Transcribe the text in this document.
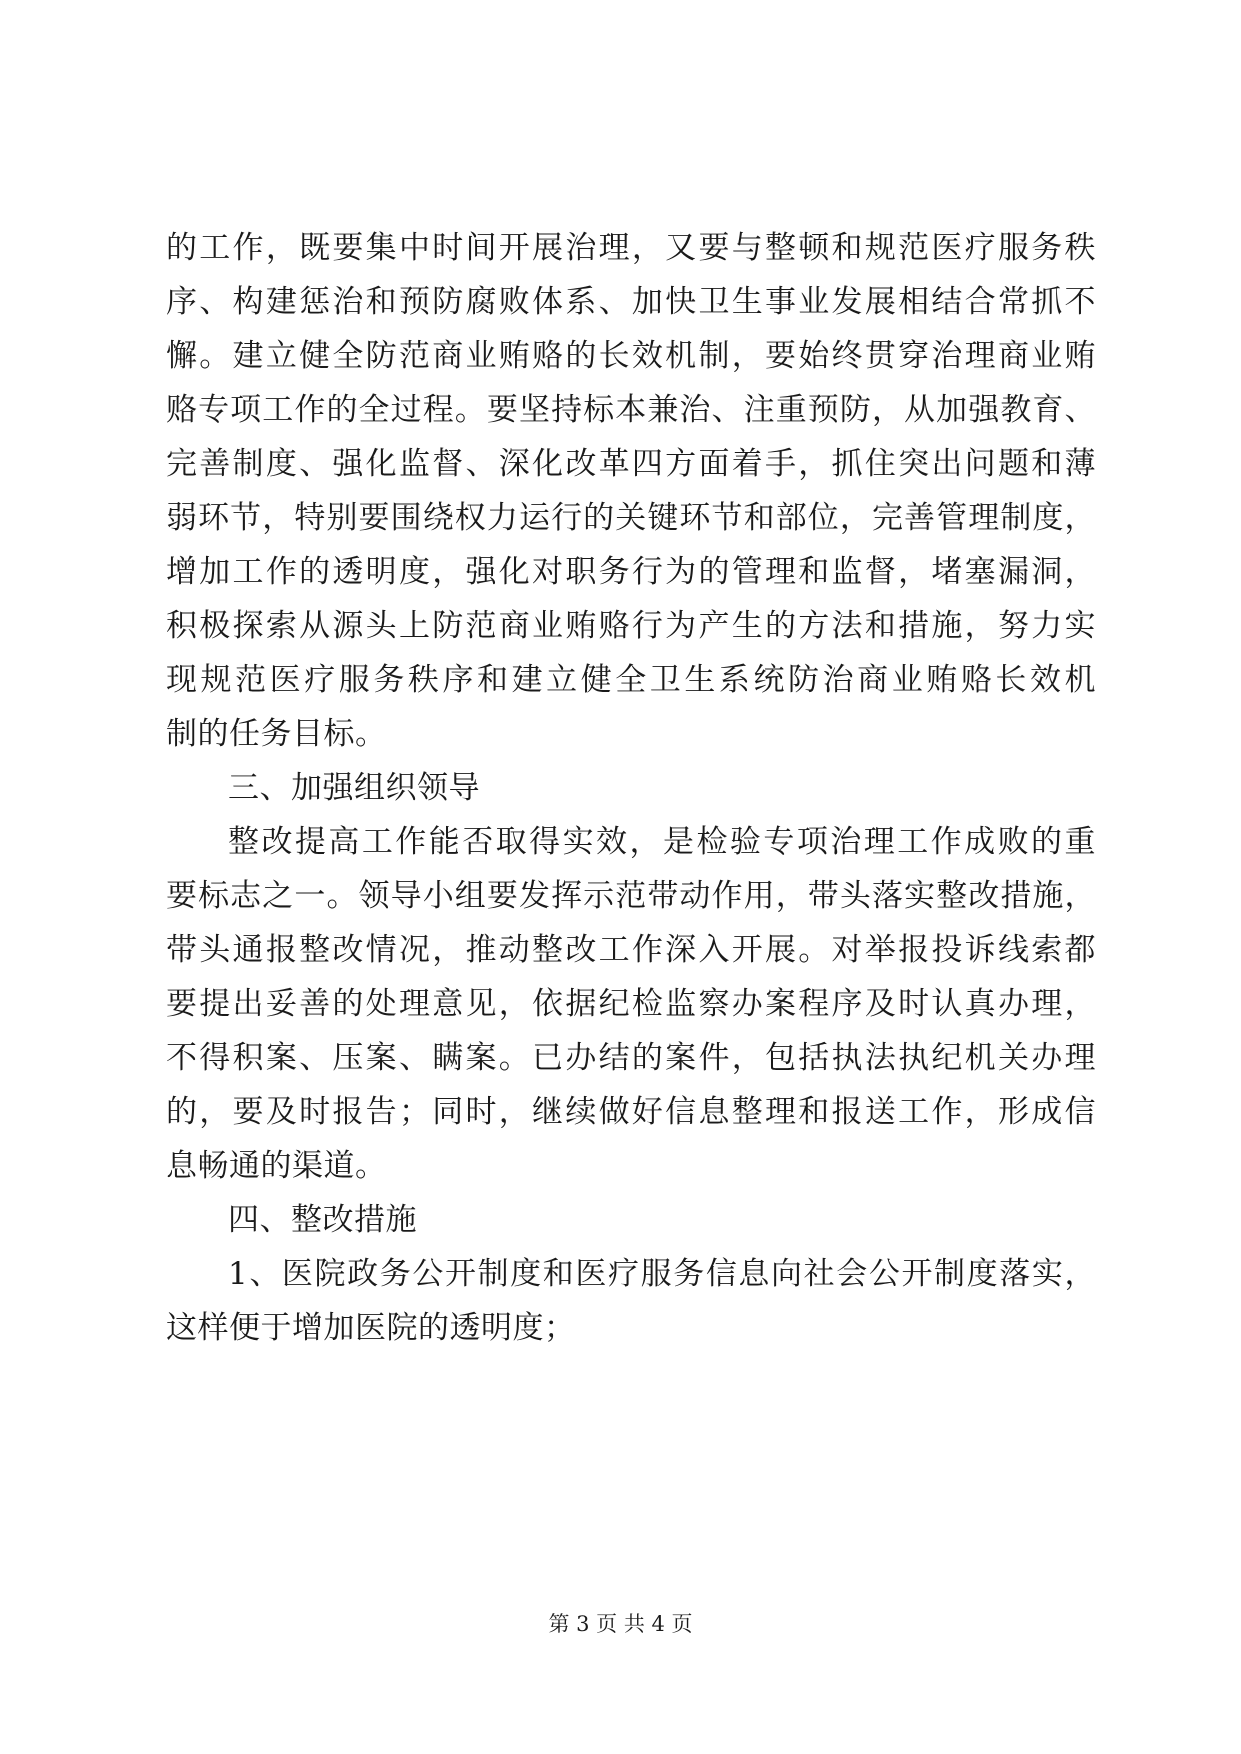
的工作，既要集中时间开展治理，又要与整顿和规范医疗服务秩
序、构建惩治和预防腐败体系、加快卫生事业发展相结合常抓不
懈。建立健全防范商业贿赂的长效机制，要始终贯穿治理商业贿
赂专项工作的全过程。要坚持标本兼治、注重预防，从加强教育、
完善制度、强化监督、深化改革四方面着手，抓住突出问题和薄
弱环节，特别要围绕权力运行的关键环节和部位，完善管理制度，
增加工作的透明度，强化对职务行为的管理和监督，堵塞漏洞，
积极探索从源头上防范商业贿赂行为产生的方法和措施，努力实
现规范医疗服务秩序和建立健全卫生系统防治商业贿赂长效机
制的任务目标。
三、加强组织领导
整改提高工作能否取得实效，是检验专项治理工作成败的重
要标志之一。领导小组要发挥示范带动作用，带头落实整改措施，
带头通报整改情况，推动整改工作深入开展。对举报投诉线索都
要提出妥善的处理意见，依据纪检监察办案程序及时认真办理，
不得积案、压案、瞒案。已办结的案件，包括执法执纪机关办理
的，要及时报告；同时，继续做好信息整理和报送工作，形成信
息畅通的渠道。
四、整改措施
1、医院政务公开制度和医疗服务信息向社会公开制度落实，
这样便于增加医院的透明度；
第 3 页 共 4 页
